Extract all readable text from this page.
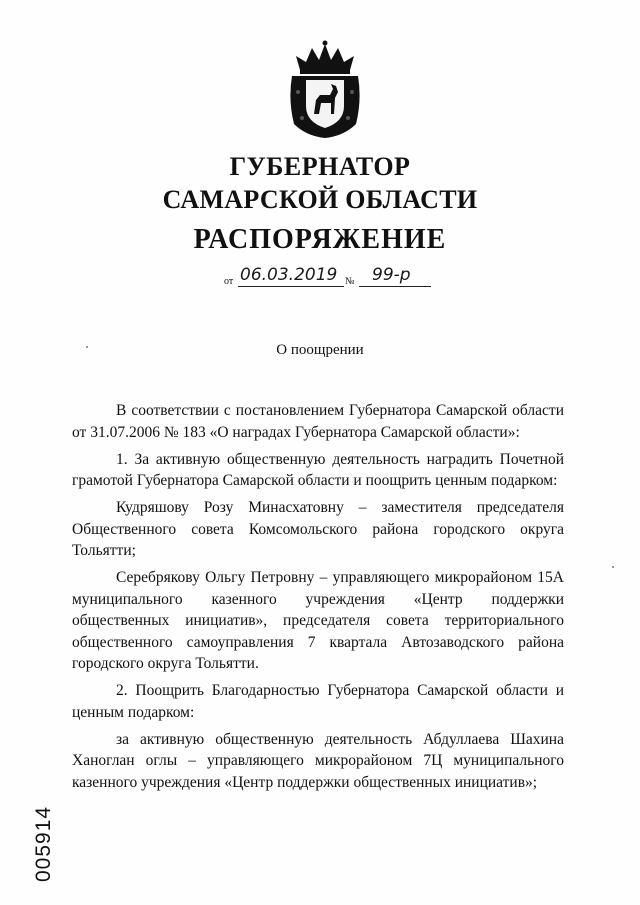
ГУБЕРНАТОР
САМАРСКОЙ ОБЛАСТИ
РАСПОРЯЖЕНИЕ
от 06.03.2019 № 99-р
О поощрении

В соответствии с постановлением Губернатора Самарской области от 31.07.2006 № 183 «О наградах Губернатора Самарской области»:

1. За активную общественную деятельность наградить Почетной грамотой Губернатора Самарской области и поощрить ценным подарком:

Кудряшову Розу Минасхатовну – заместителя председателя Общественного совета Комсомольского района городского округа Тольятти;

Серебрякову Ольгу Петровну – управляющего микрорайоном 15А муниципального казенного учреждения «Центр поддержки общественных инициатив», председателя совета территориального общественного самоуправления 7 квартала Автозаводского района городского округа Тольятти.

2. Поощрить Благодарностью Губернатора Самарской области и ценным подарком:

за активную общественную деятельность Абдуллаева Шахина Ханоглан оглы – управляющего микрорайоном 7Ц муниципального казенного учреждения «Центр поддержки общественных инициатив»;

005914
